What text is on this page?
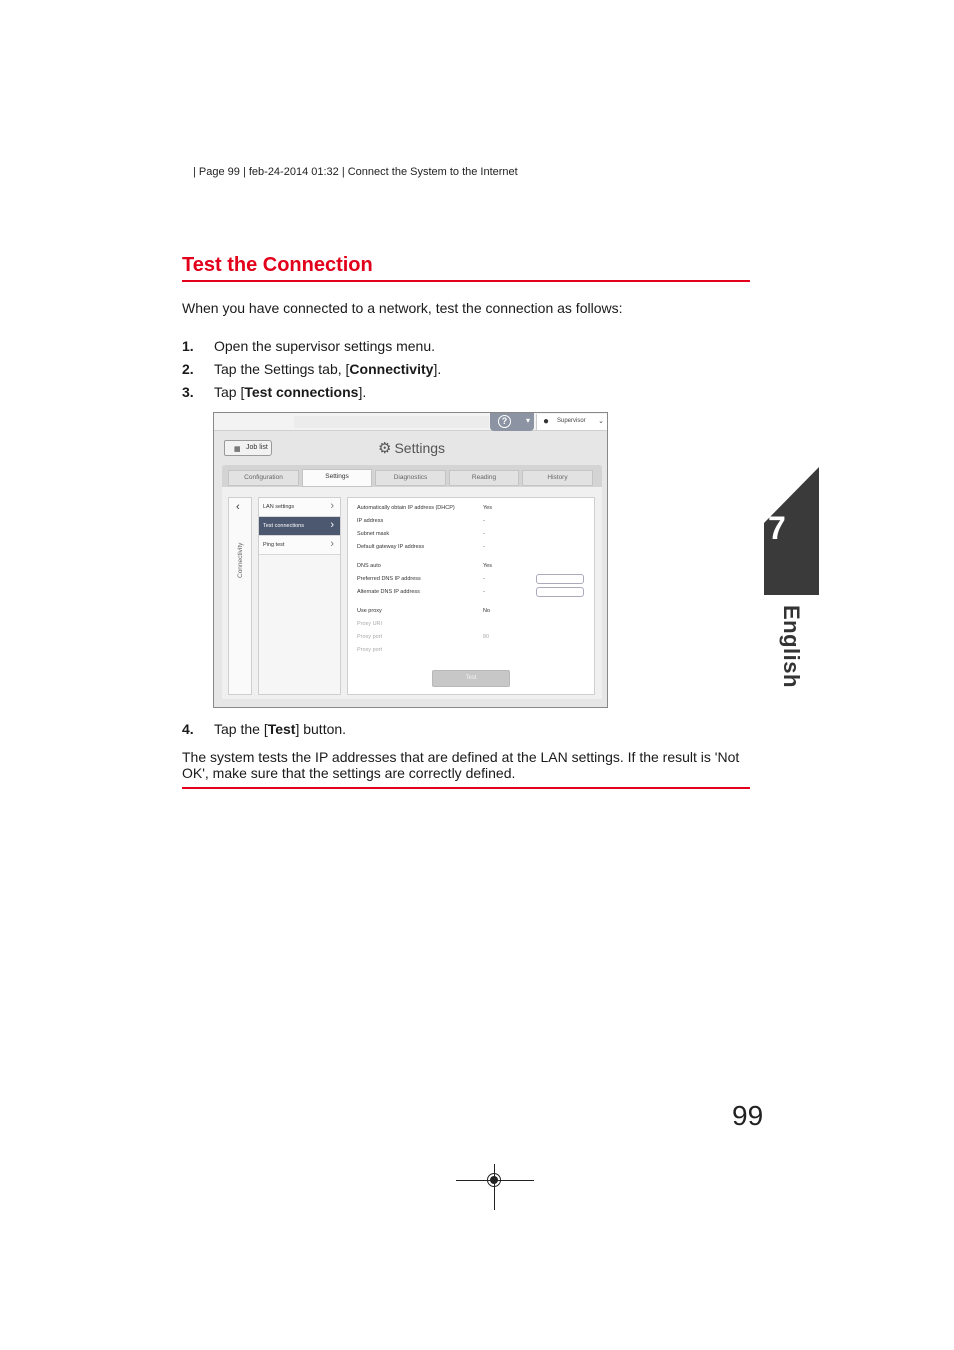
| Page 99 | feb-24-2014 01:32 | Connect the System to the Internet
Test the Connection
When you have connected to a network, test the connection as follows:
1. Open the supervisor settings menu.
2. Tap the Settings tab, [Connectivity].
3. Tap [Test connections].
?	▾ ● Supervisor ⌄
▦ Job list	⚙ Settings
Configuration	Settings	Diagnostics	Reading	History
‹
Connectivity
LAN settings	›
Test connections ›
Ping test	›
Automatically obtain IP address (DHCP)	Yes
IP address	-
Subnet mask	-
Default gateway IP address	-
DNS auto	Yes
Preferred DNS IP address	-
Alternate DNS IP address	-
Use proxy	No
Proxy URI
Proxy port	80
Proxy port
Test
4. Tap the [Test] button.
The system tests the IP addresses that are defined at the LAN settings. If the result is 'Not
OK', make sure that the settings are correctly defined.
7
English
99
